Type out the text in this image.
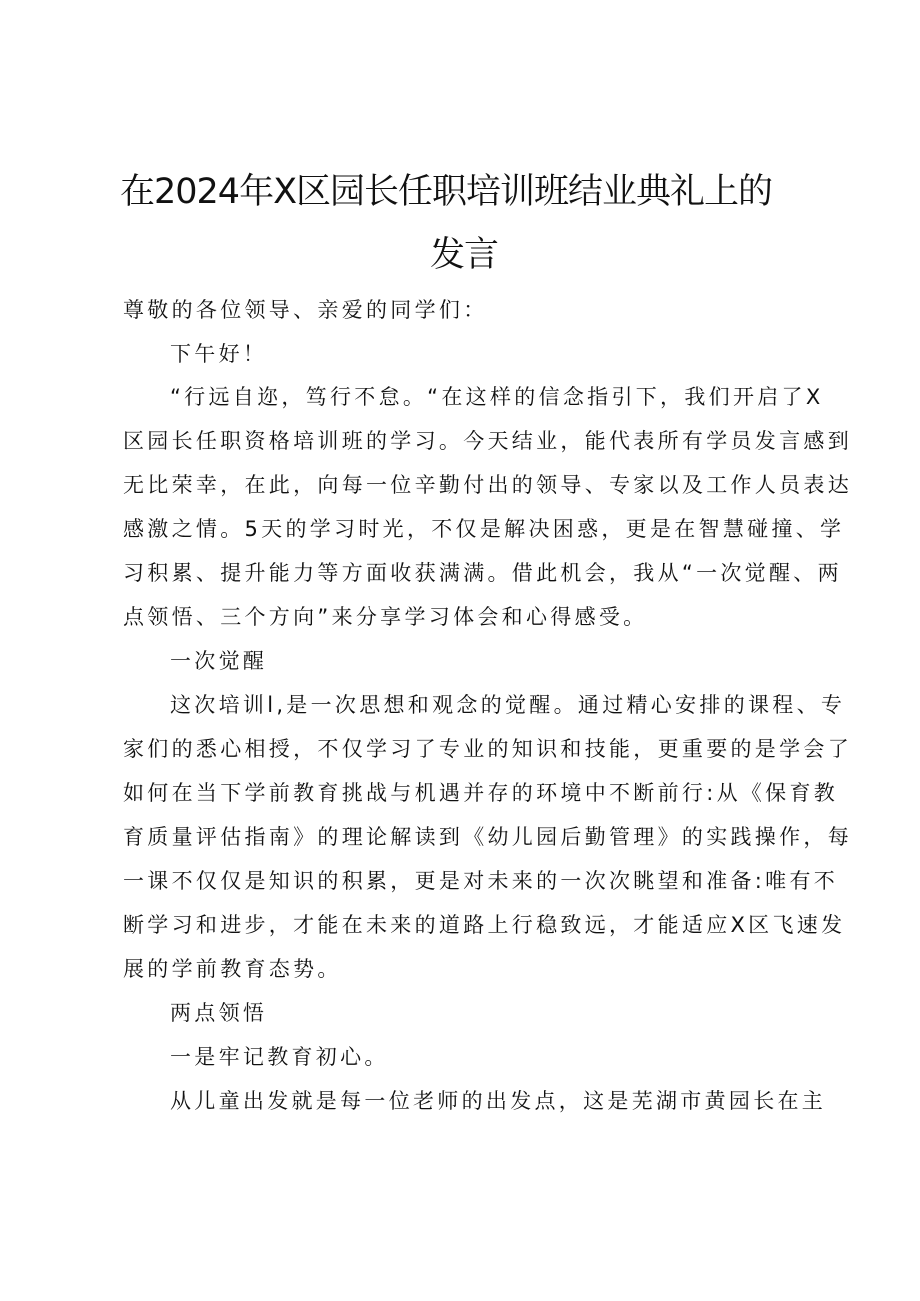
在2024年X区园长任职培训班结业典礼上的
发言
尊敬的各位领导、亲爱的同学们：
下午好！
“行远自迩，笃行不怠。“在这样的信念指引下，我们开启了X
区园长任职资格培训班的学习。今天结业，能代表所有学员发言感到
无比荣幸，在此，向每一位辛勤付出的领导、专家以及工作人员表达
感激之情。5天的学习时光，不仅是解决困惑，更是在智慧碰撞、学
习积累、提升能力等方面收获满满。借此机会，我从“一次觉醒、两
点领悟、三个方向”来分享学习体会和心得感受。
一次觉醒
这次培训l,是一次思想和观念的觉醒。通过精心安排的课程、专
家们的悉心相授，不仅学习了专业的知识和技能，更重要的是学会了
如何在当下学前教育挑战与机遇并存的环境中不断前行:从《保育教
育质量评估指南》的理论解读到《幼儿园后勤管理》的实践操作，每
一课不仅仅是知识的积累，更是对未来的一次次眺望和准备:唯有不
断学习和进步，才能在未来的道路上行稳致远，才能适应X区飞速发
展的学前教育态势。
两点领悟
一是牢记教育初心。
从儿童出发就是每一位老师的出发点，这是芜湖市黄园长在主
